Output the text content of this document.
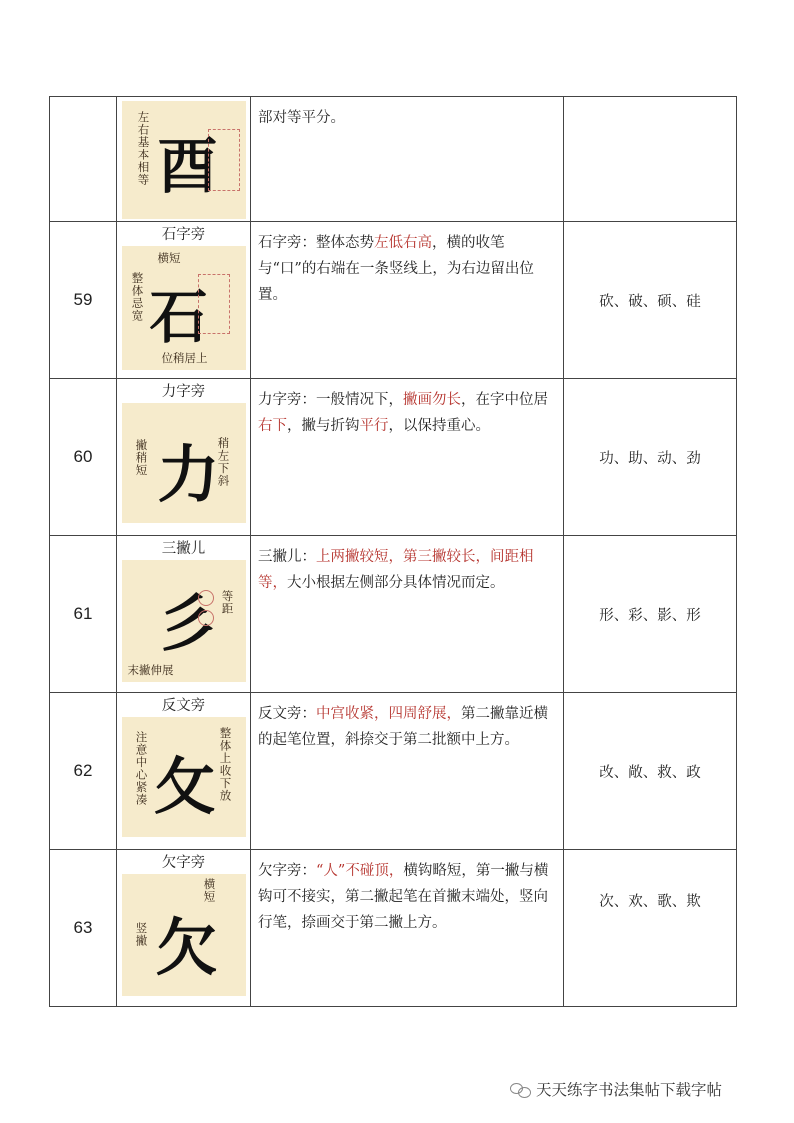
	左右基本相等 酉	部对等平分。	
59	石字旁
横短
整体忌宽 石
位稍居上	石字旁：整体态势左低右高，横的收笔与“口”的右端在一条竖线上，为右边留出位置。	砍、破、硕、硅
60	力字旁
撇稍短 力
稍左下斜	力字旁：一般情况下，撇画勿长，在字中位居右下，撇与折钩平行，以保持重心。	功、助、动、劲
61	三撇儿
彡 等距
末撇伸展	三撇儿：上两撇较短，第三撇较长，间距相等，大小根据左侧部分具体情况而定。	形、彩、影、形
62	反文旁
注意中心紧凑 攵 整体上收下放	反文旁：中宫收紧，四周舒展，第二撇靠近横的起笔位置，斜捺交于第二批额中上方。	改、敞、救、政
63	欠字旁
竖撇 欠
横短	欠字旁：“人”不碰顶，横钩略短，第一撇与横钩可不接实，第二撇起笔在首撇末端处，竖向行笔，捺画交于第二撇上方。	次、欢、歌、欺
天天练字书法集帖下载字帖
